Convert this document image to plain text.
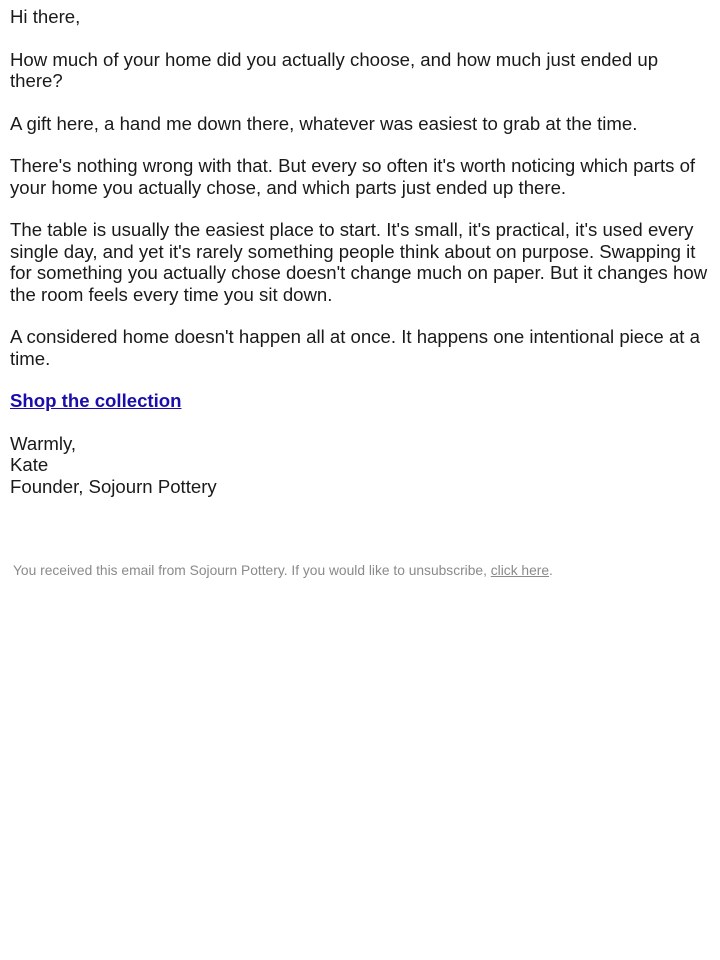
Hi there,

How much of your home did you actually choose, and how much just ended up there?

A gift here, a hand me down there, whatever was easiest to grab at the time.

There's nothing wrong with that. But every so often it's worth noticing which parts of your home you actually chose, and which parts just ended up there.

The table is usually the easiest place to start. It's small, it's practical, it's used every single day, and yet it's rarely something people think about on purpose. Swapping it for something you actually chose doesn't change much on paper. But it changes how the room feels every time you sit down.

A considered home doesn't happen all at once. It happens one intentional piece at a time.

Shop the collection

Warmly,
Kate
Founder, Sojourn Pottery
You received this email from Sojourn Pottery. If you would like to unsubscribe, click here.
